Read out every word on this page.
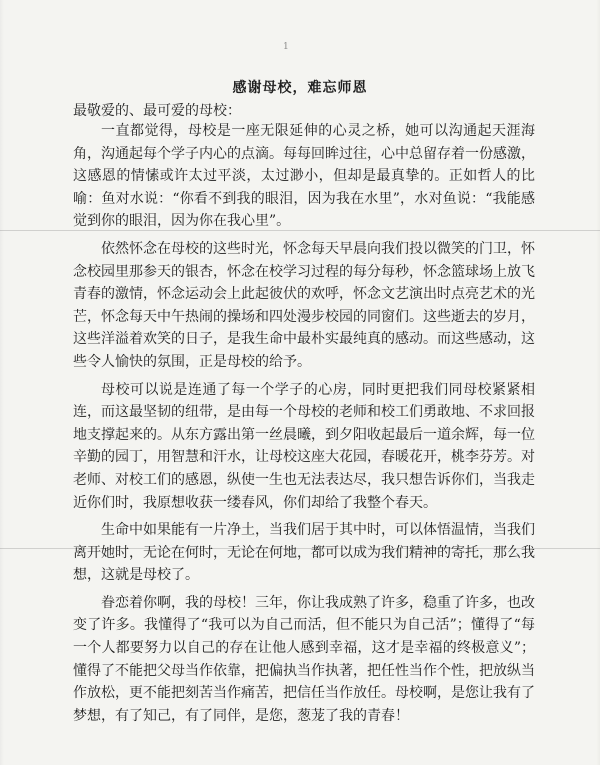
1
感谢母校，难忘师恩
最敬爱的、最可爱的母校：

一直都觉得，母校是一座无限延伸的心灵之桥，她可以沟通起天涯海角，沟通起每个学子内心的点滴。每每回眸过往，心中总留存着一份感激，这感恩的情愫或许太过平淡，太过渺小，但却是最真挚的。正如哲人的比喻：鱼对水说：“你看不到我的眼泪，因为我在水里”，水对鱼说：“我能感觉到你的眼泪，因为你在我心里”。

依然怀念在母校的这些时光，怀念每天早晨向我们投以微笑的门卫，怀念校园里那参天的银杏，怀念在校学习过程的每分每秒，怀念篮球场上放飞青春的激情，怀念运动会上此起彼伏的欢呼，怀念文艺演出时点亮艺术的光芒，怀念每天中午热闹的操场和四处漫步校园的同窗们。这些逝去的岁月，这些洋溢着欢笑的日子，是我生命中最朴实最纯真的感动。而这些感动，这些令人愉快的氛围，正是母校的给予。

母校可以说是连通了每一个学子的心房，同时更把我们同母校紧紧相连，而这最坚韧的纽带，是由每一个母校的老师和校工们勇敢地、不求回报地支撑起来的。从东方露出第一丝晨曦，到夕阳收起最后一道余辉，每一位辛勤的园丁，用智慧和汗水，让母校这座大花园，春暖花开，桃李芬芳。对老师、对校工们的感恩，纵使一生也无法表达尽，我只想告诉你们，当我走近你们时，我原想收获一缕春风，你们却给了我整个春天。

生命中如果能有一片净土，当我们居于其中时，可以体悟温情，当我们离开她时，无论在何时，无论在何地，都可以成为我们精神的寄托，那么我想，这就是母校了。

眷恋着你啊，我的母校！三年，你让我成熟了许多，稳重了许多，也改变了许多。我懂得了“我可以为自己而活，但不能只为自己活”；懂得了“每一个人都要努力以自己的存在让他人感到幸福，这才是幸福的终极意义”；懂得了不能把父母当作依靠，把偏执当作执著，把任性当作个性，把放纵当作放松，更不能把刻苦当作痛苦，把信任当作放任。母校啊，是您让我有了梦想，有了知己，有了同伴，是您，葱茏了我的青春！
